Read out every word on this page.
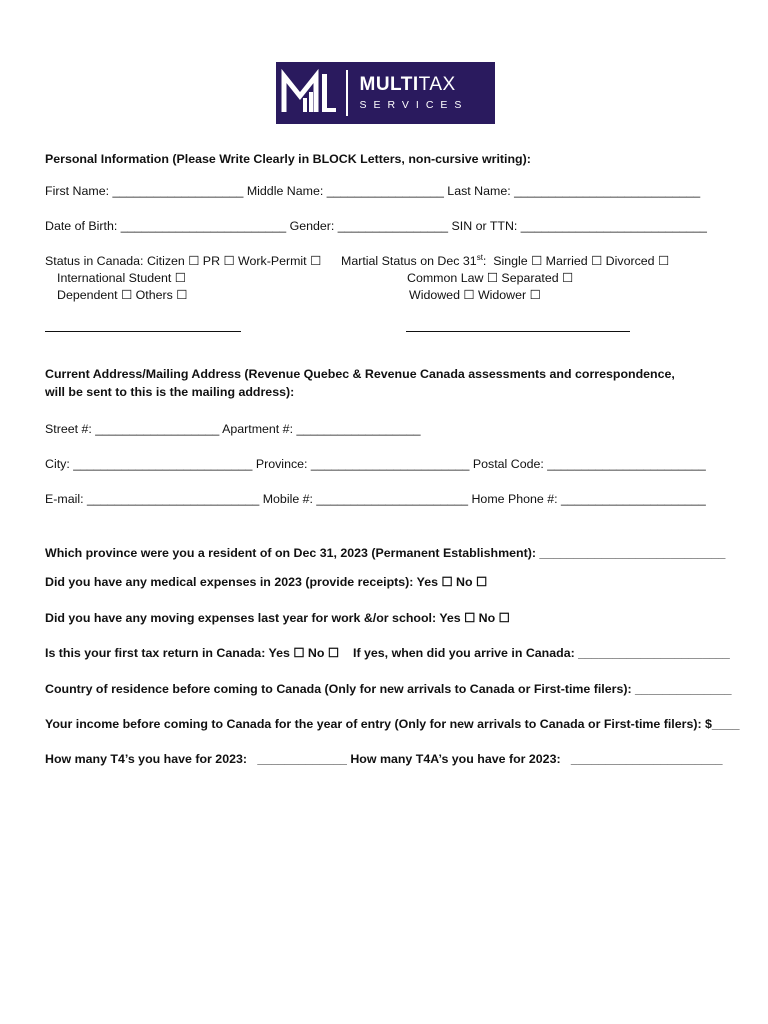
MULTITAX
SERVICES
Personal Information (Please Write Clearly in BLOCK Letters, non-cursive writing):
First Name: ___________________ Middle Name: _________________ Last Name: ___________________________
Date of Birth: ________________________ Gender: ________________ SIN or TTN: ___________________________
Status in Canada: Citizen ☐ PR ☐ Work-Permit ☐
International Student ☐
Dependent ☐ Others ☐
Martial Status on Dec 31st:  Single ☐ Married ☐ Divorced ☐
Common Law ☐ Separated ☐
Widowed ☐ Widower ☐
Current Address/Mailing Address (Revenue Quebec & Revenue Canada assessments and correspondence,
will be sent to this is the mailing address):
Street #: __________________ Apartment #: __________________
City: __________________________ Province: _______________________ Postal Code: _______________________
E-mail: _________________________ Mobile #: ______________________ Home Phone #: _____________________
Which province were you a resident of on Dec 31, 2023 (Permanent Establishment): ___________________________
Did you have any medical expenses in 2023 (provide receipts): Yes ☐ No ☐
Did you have any moving expenses last year for work &/or school: Yes ☐ No ☐
Is this your first tax return in Canada: Yes ☐ No ☐ If yes, when did you arrive in Canada: ______________________
Country of residence before coming to Canada (Only for new arrivals to Canada or First-time filers): ______________
Your income before coming to Canada for the year of entry (Only for new arrivals to Canada or First-time filers): $____
How many T4’s you have for 2023:   _____________ How many T4A’s you have for 2023:   ______________________
